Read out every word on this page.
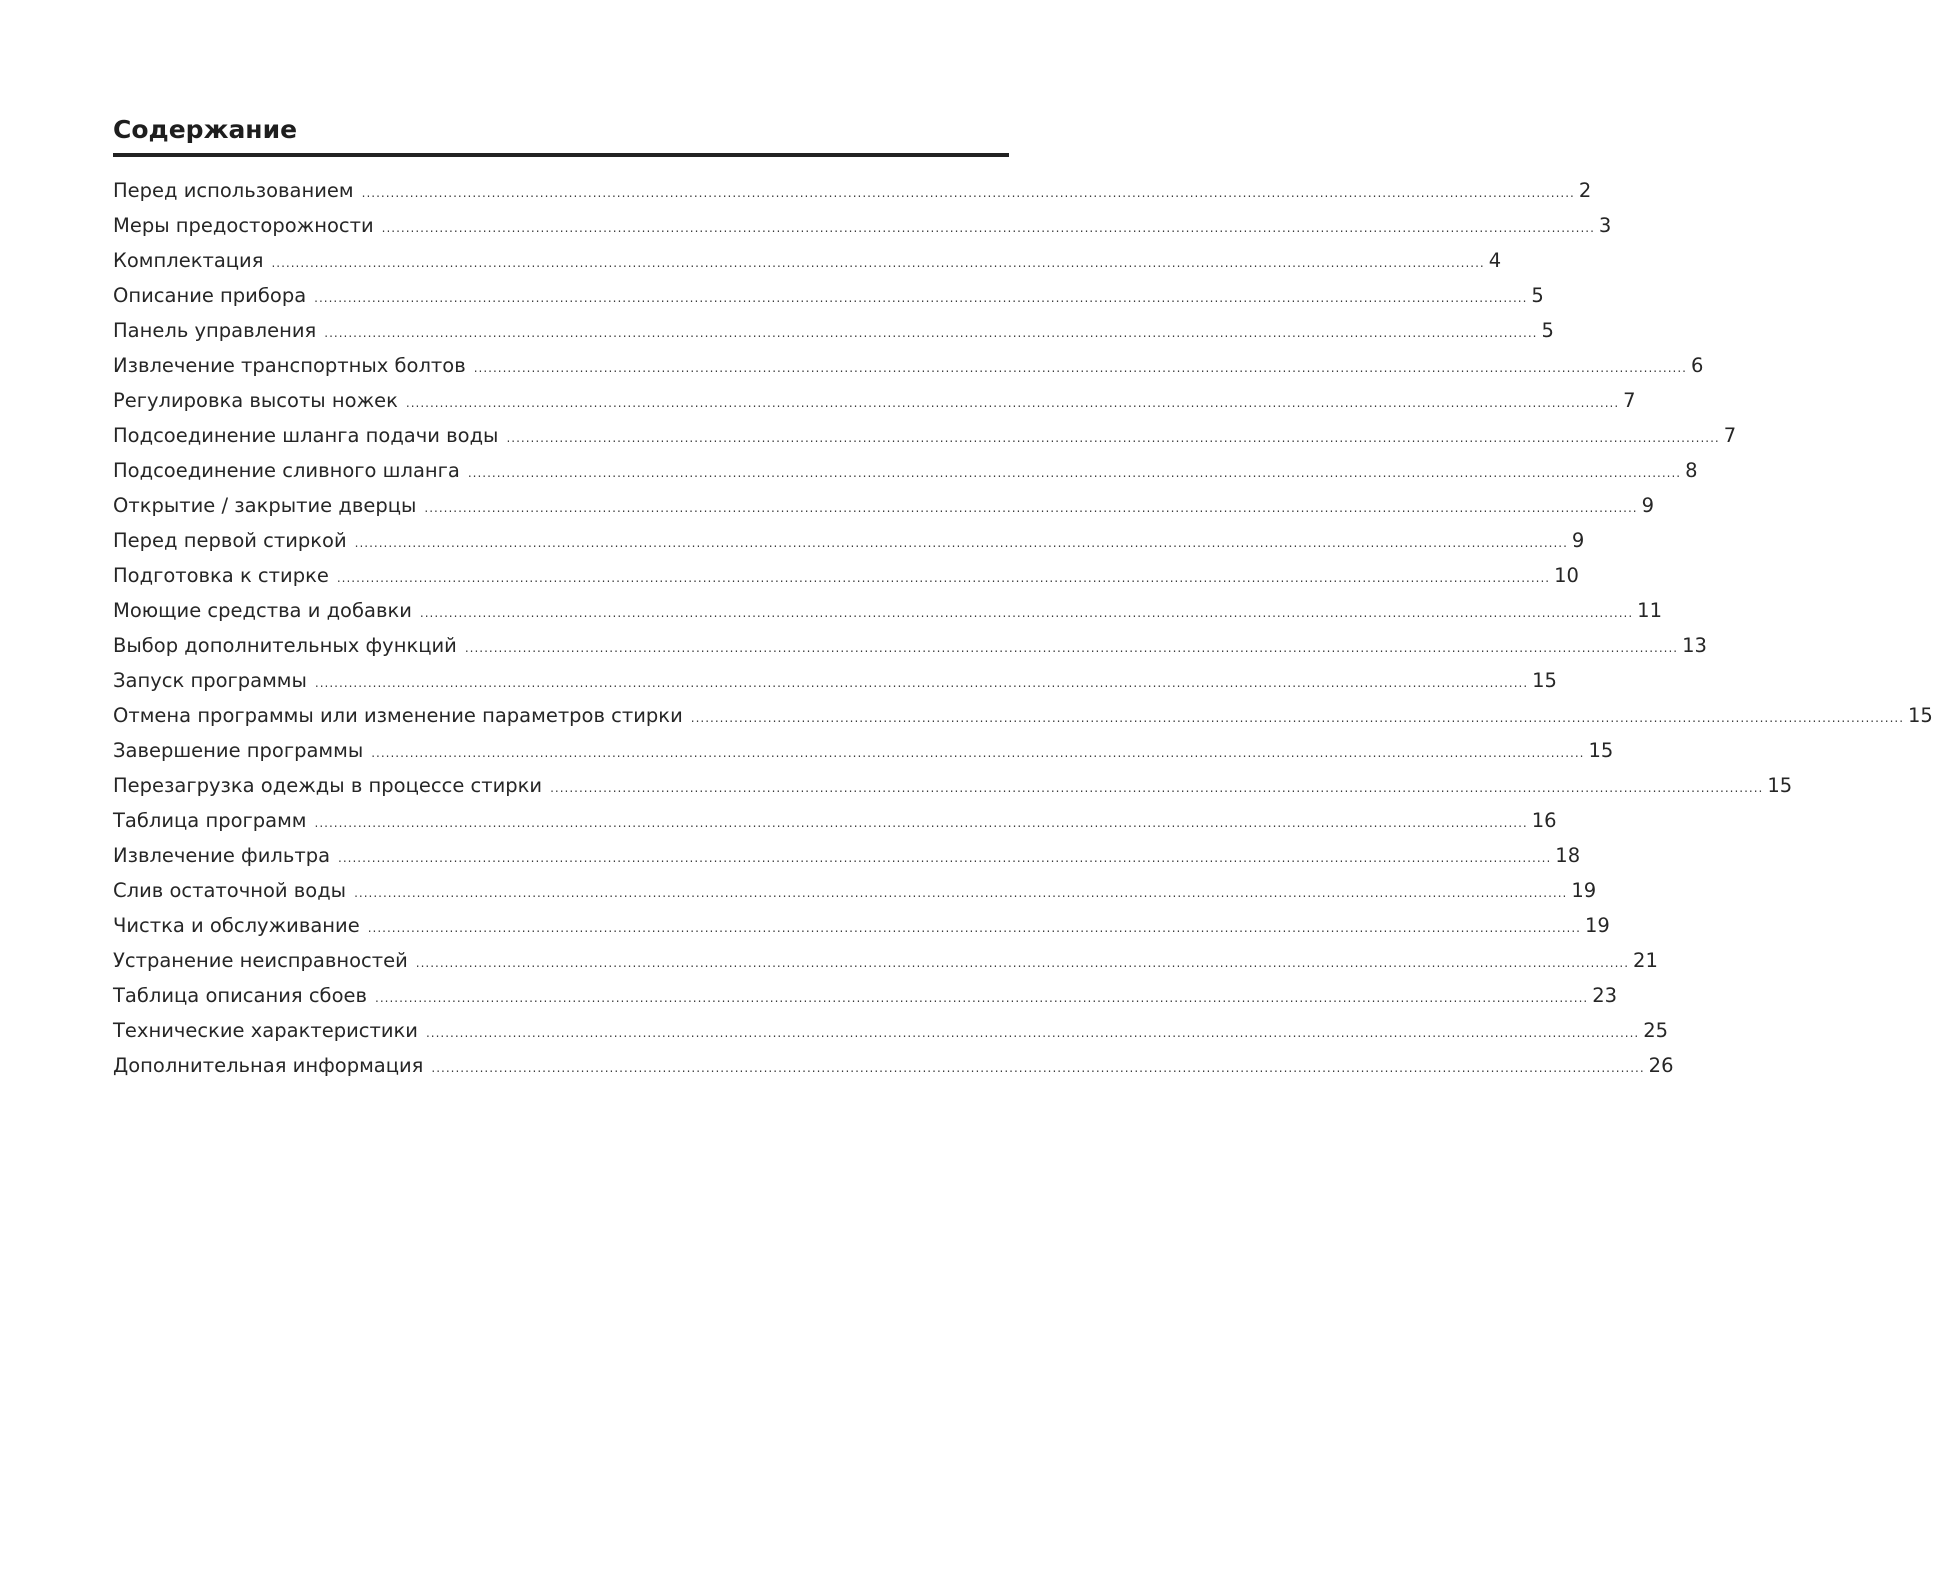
Содержание
Перед использованием ............................................................................................................................................................................................................................................................ 2
Меры предосторожности ............................................................................................................................................................................................................................................................ 3
Комплектация ............................................................................................................................................................................................................................................................ 4
Описание прибора ............................................................................................................................................................................................................................................................ 5
Панель управления ............................................................................................................................................................................................................................................................ 5
Извлечение транспортных болтов ............................................................................................................................................................................................................................................................ 6
Регулировка высоты ножек ............................................................................................................................................................................................................................................................ 7
Подсоединение шланга подачи воды ............................................................................................................................................................................................................................................................ 7
Подсоединение сливного шланга ............................................................................................................................................................................................................................................................ 8
Открытие / закрытие дверцы ............................................................................................................................................................................................................................................................ 9
Перед первой стиркой ............................................................................................................................................................................................................................................................ 9
Подготовка к стирке ............................................................................................................................................................................................................................................................ 10
Моющие средства и добавки ............................................................................................................................................................................................................................................................ 11
Выбор дополнительных функций ............................................................................................................................................................................................................................................................ 13
Запуск программы ............................................................................................................................................................................................................................................................ 15
Отмена программы или изменение параметров стирки ............................................................................................................................................................................................................................................................ 15
Завершение программы ............................................................................................................................................................................................................................................................ 15
Перезагрузка одежды в процессе стирки ............................................................................................................................................................................................................................................................ 15
Таблица программ ............................................................................................................................................................................................................................................................ 16
Извлечение фильтра ............................................................................................................................................................................................................................................................ 18
Слив остаточной воды ............................................................................................................................................................................................................................................................ 19
Чистка и обслуживание ............................................................................................................................................................................................................................................................ 19
Устранение неисправностей ............................................................................................................................................................................................................................................................ 21
Таблица описания сбоев ............................................................................................................................................................................................................................................................ 23
Технические характеристики ............................................................................................................................................................................................................................................................ 25
Дополнительная информация ............................................................................................................................................................................................................................................................ 26
